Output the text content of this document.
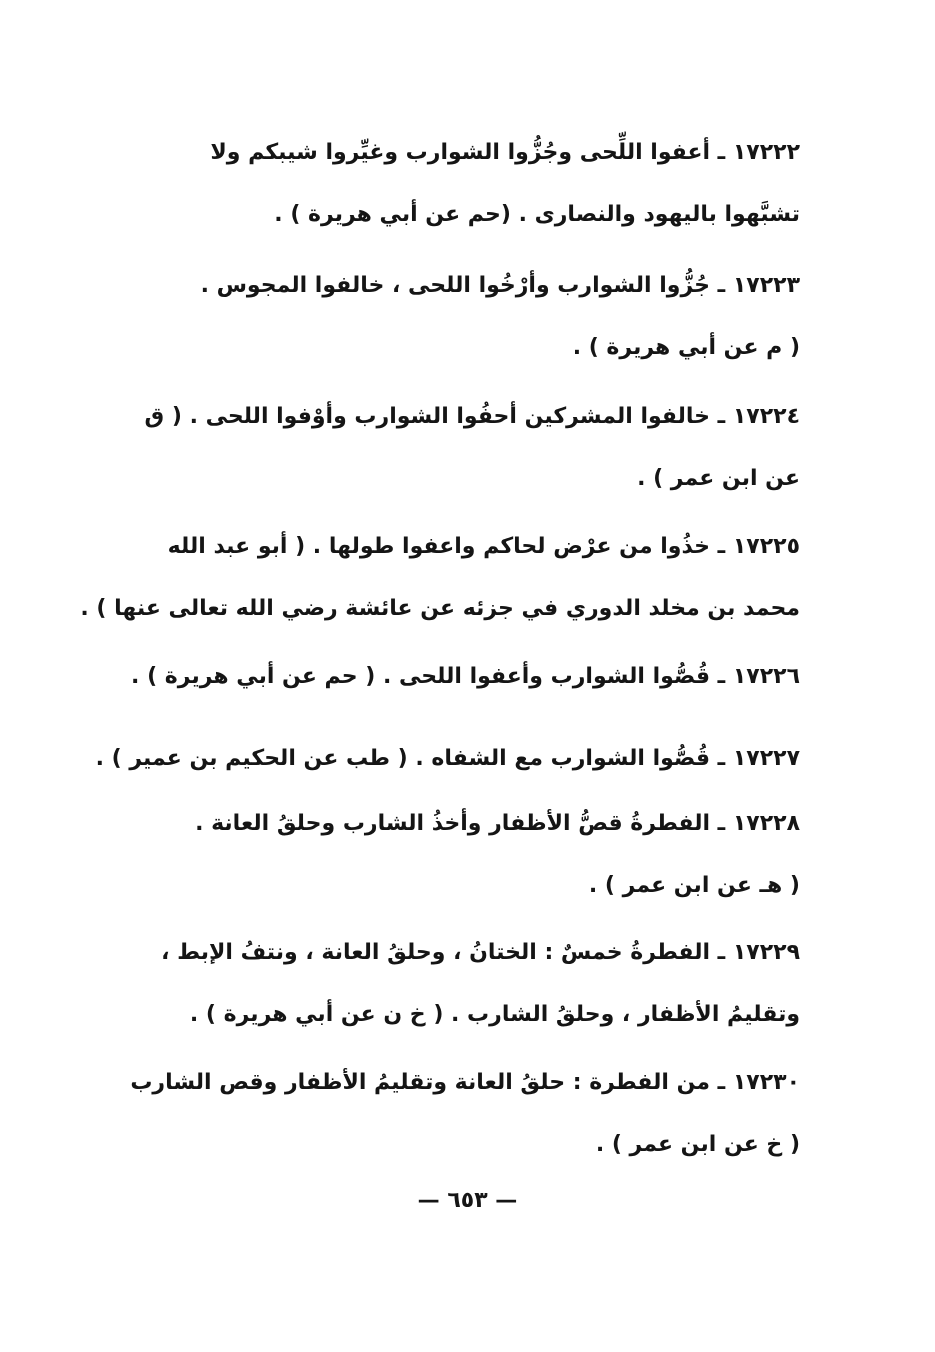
١٧٢٢٢ ـ أعفوا اللِّحى وجُزُّوا الشوارب وغيِّروا شيبكم ولا
تشبَّهوا باليهود والنصارى . (حم عن أبي هريرة ) .
١٧٢٢٣ ـ جُزُّوا الشوارب وأرْخُوا اللحى ، خالفوا المجوس .
( م عن أبي هريرة ) .
١٧٢٢٤ ـ خالفوا المشركين أحفُوا الشوارب وأوْفوا اللحى . ( ق
عن ابن عمر ) .
١٧٢٢٥ ـ خذُوا من عرْض لحاكم واعفوا طولها . ( أبو عبد الله
محمد بن مخلد الدوري في جزئه عن عائشة رضي الله تعالى عنها ) .
١٧٢٢٦ ـ قُصُّوا الشوارب وأعفوا اللحى . ( حم عن أبي هريرة ) .
١٧٢٢٧ ـ قُصُّوا الشوارب مع الشفاه . ( طب عن الحكيم بن عمير ) .
١٧٢٢٨ ـ الفطرةُ قصُّ الأظفار وأخذُ الشارب وحلقُ العانة .
( هـ عن ابن عمر ) .
١٧٢٢٩ ـ الفطرةُ خمسٌ : الختانُ ، وحلقُ العانة ، ونتفُ الإبط ،
وتقليمُ الأظفار ، وحلقُ الشارب . ( خ ن عن أبي هريرة ) .
١٧٢٣٠ ـ من الفطرة : حلقُ العانة وتقليمُ الأظفار وقص الشارب
( خ عن ابن عمر ) .
— ٦٥٣ —
